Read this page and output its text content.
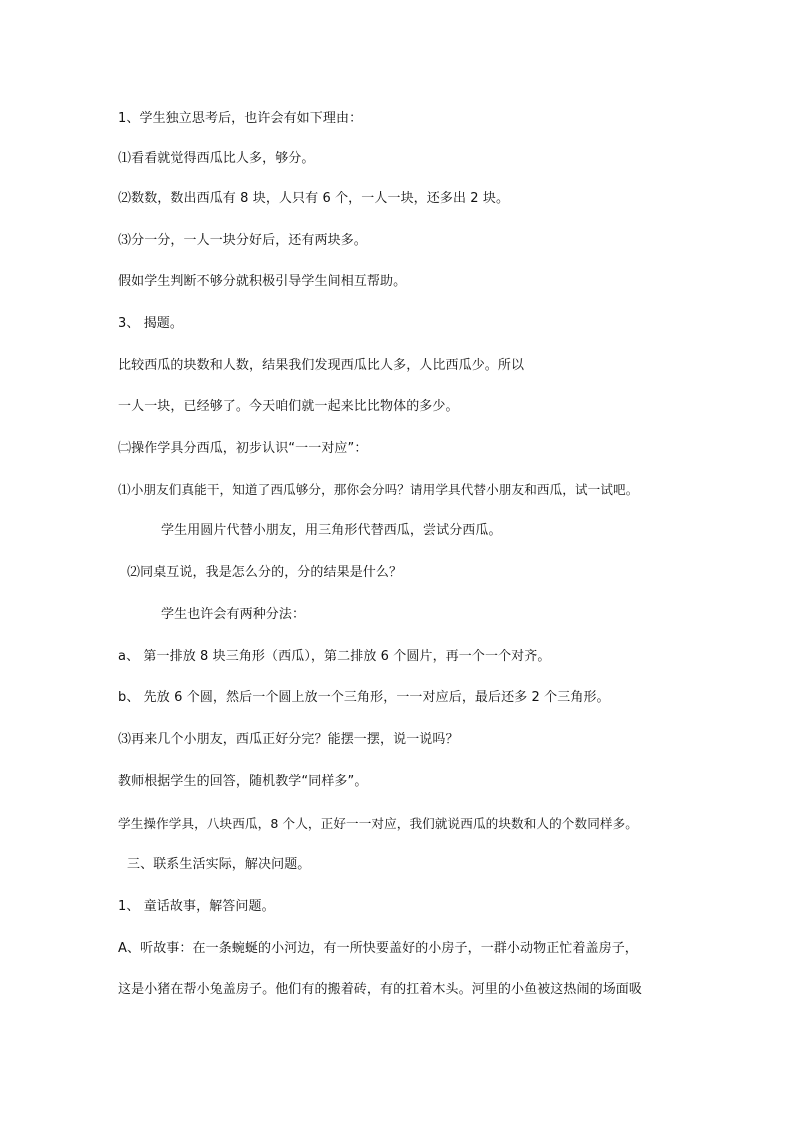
1、学生独立思考后，也许会有如下理由：
⑴看看就觉得西瓜比人多，够分。
⑵数数，数出西瓜有 8 块，人只有 6 个，一人一块，还多出 2 块。
⑶分一分，一人一块分好后，还有两块多。
假如学生判断不够分就积极引导学生间相互帮助。
3、 揭题。
比较西瓜的块数和人数，结果我们发现西瓜比人多，人比西瓜少。所以
一人一块，已经够了。今天咱们就一起来比比物体的多少。
㈡操作学具分西瓜，初步认识“一一对应”：
⑴小朋友们真能干，知道了西瓜够分，那你会分吗？请用学具代替小朋友和西瓜，试一试吧。
学生用圆片代替小朋友，用三角形代替西瓜，尝试分西瓜。
⑵同桌互说，我是怎么分的，分的结果是什么？
学生也许会有两种分法：
a、 第一排放 8 块三角形（西瓜），第二排放 6 个圆片，再一个一个对齐。
b、 先放 6 个圆，然后一个圆上放一个三角形，一一对应后，最后还多 2 个三角形。
⑶再来几个小朋友，西瓜正好分完？能摆一摆，说一说吗？
教师根据学生的回答，随机教学“同样多”。
学生操作学具，八块西瓜，8 个人，正好一一对应，我们就说西瓜的块数和人的个数同样多。
三、联系生活实际，解决问题。
1、 童话故事，解答问题。
A、听故事：在一条蜿蜒的小河边，有一所快要盖好的小房子，一群小动物正忙着盖房子，
这是小猪在帮小兔盖房子。他们有的搬着砖，有的扛着木头。河里的小鱼被这热闹的场面吸
